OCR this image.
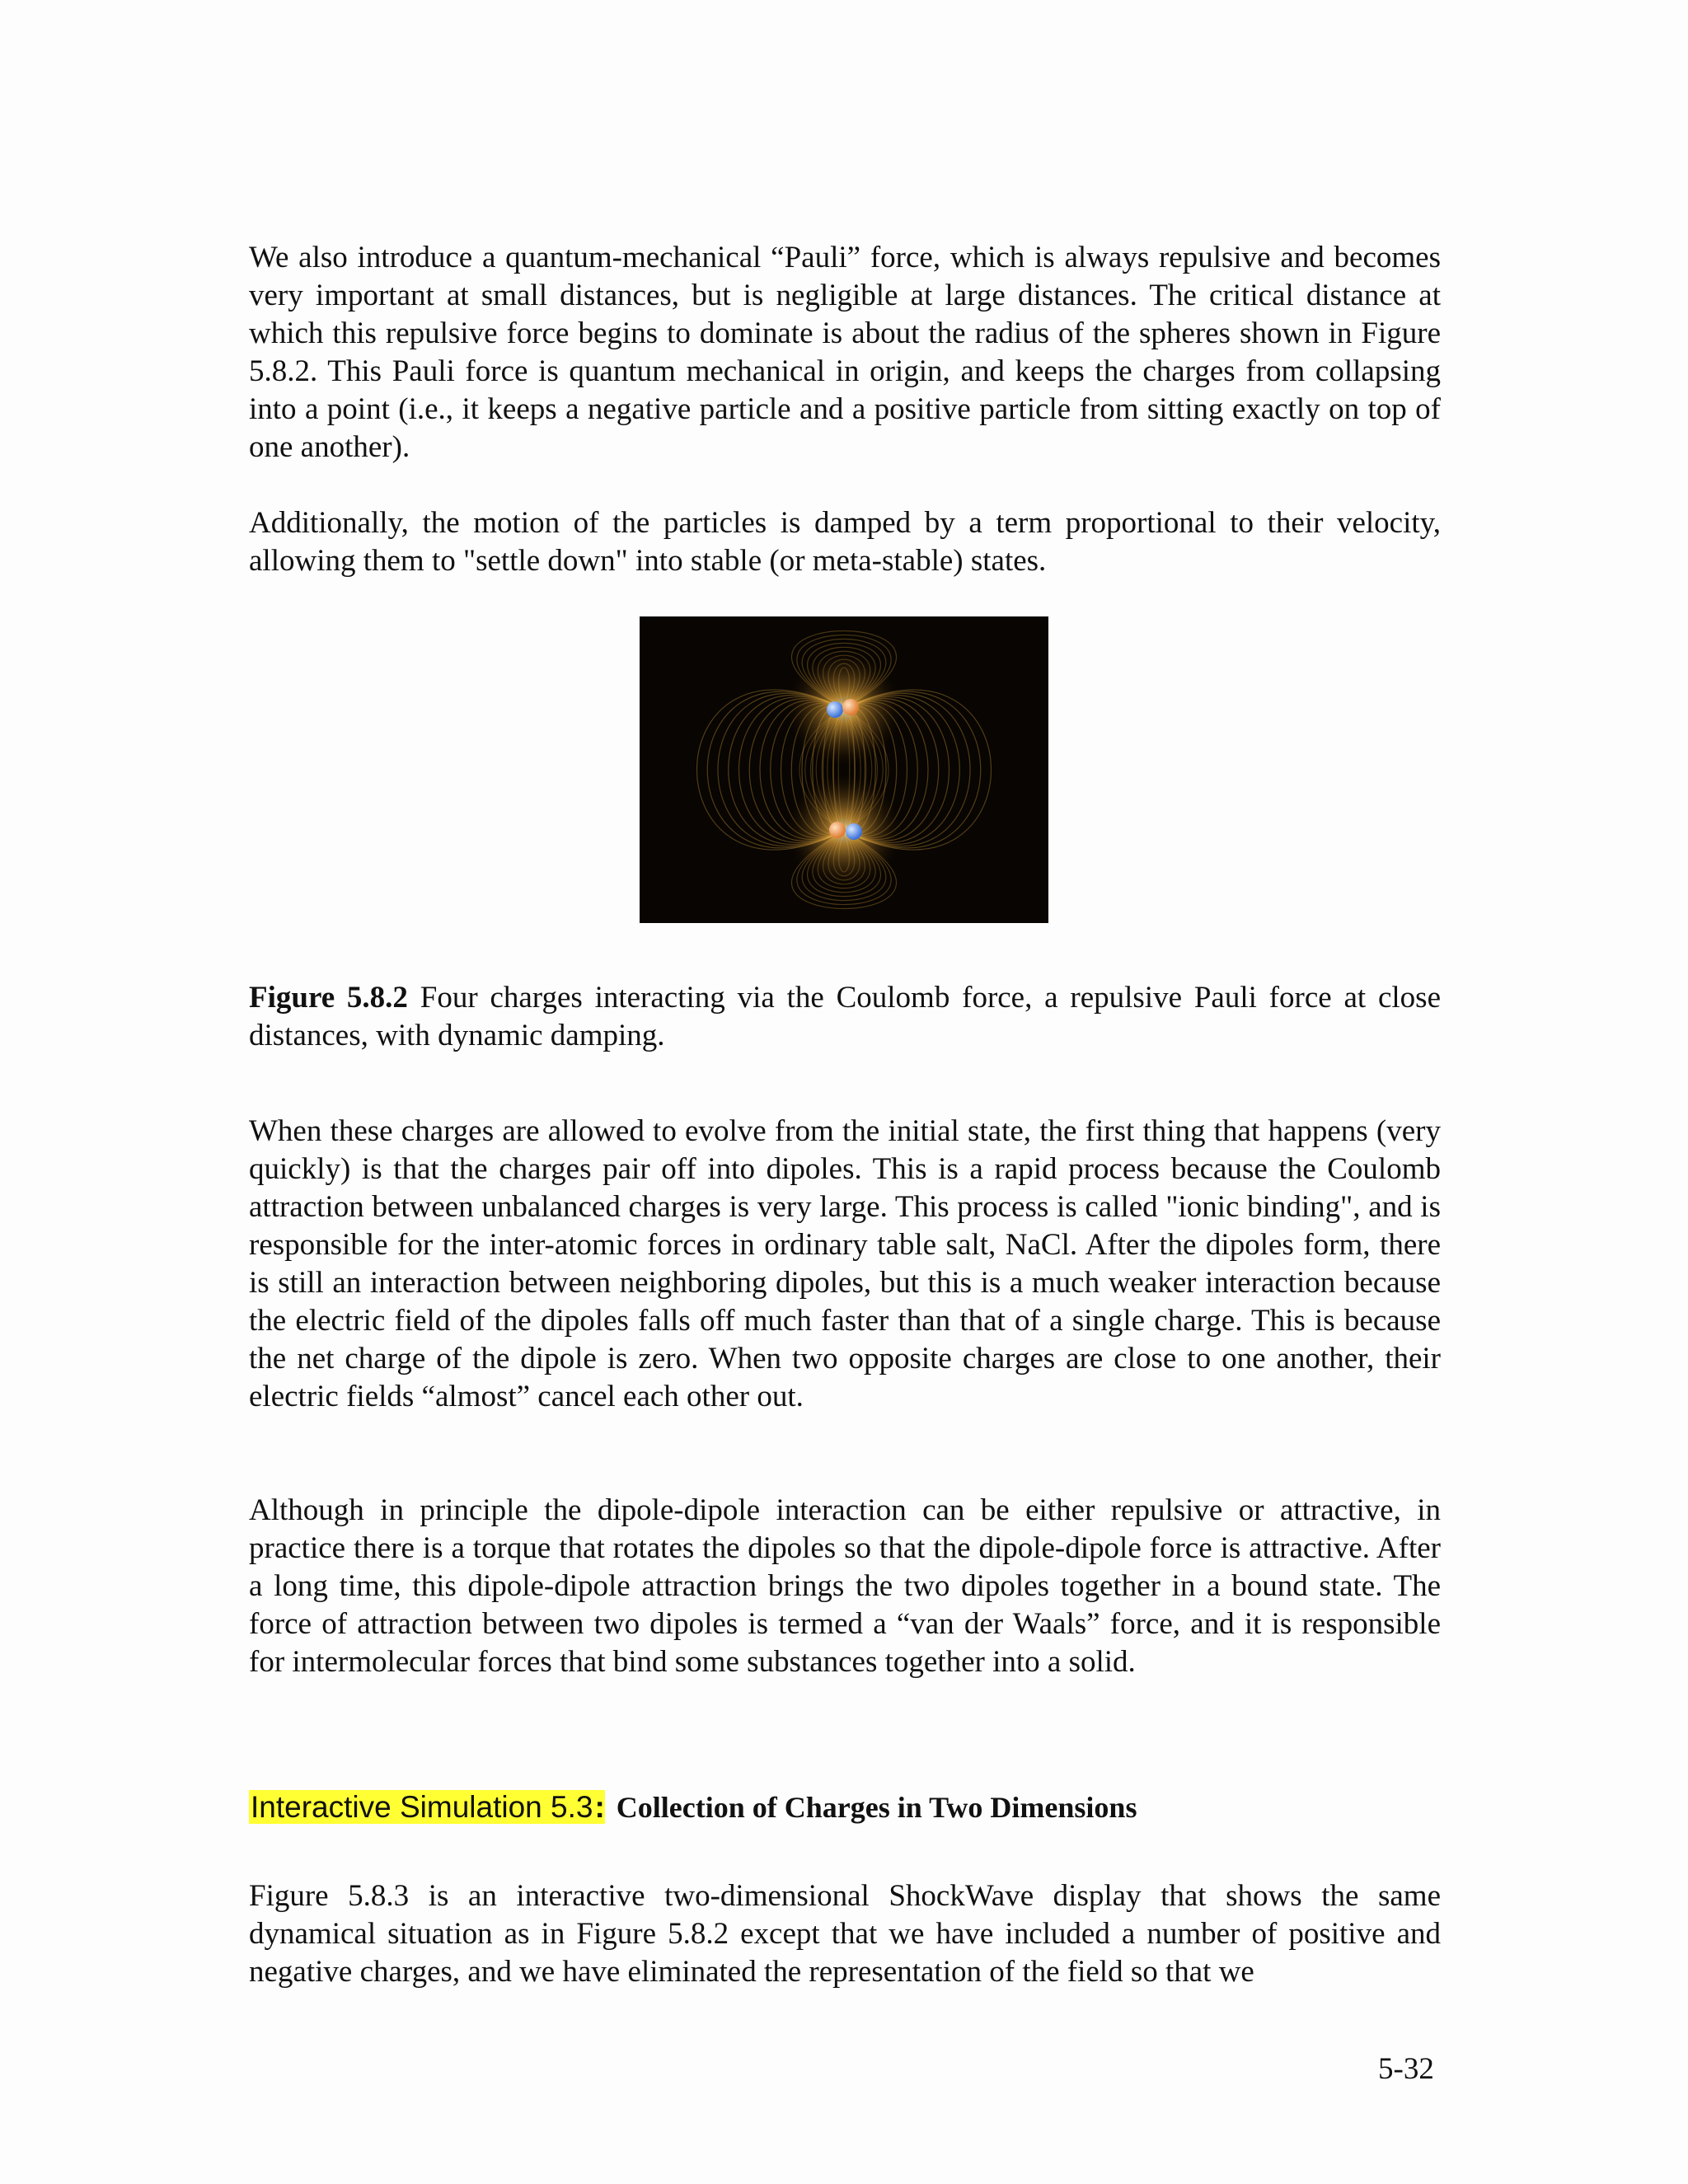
We also introduce a quantum-mechanical “Pauli” force, which is always repulsive and becomes very important at small distances, but is negligible at large distances. The critical distance at which this repulsive force begins to dominate is about the radius of the spheres shown in Figure 5.8.2. This Pauli force is quantum mechanical in origin, and keeps the charges from collapsing into a point (i.e., it keeps a negative particle and a positive particle from sitting exactly on top of one another).

Additionally, the motion of the particles is damped by a term proportional to their velocity, allowing them to "settle down" into stable (or meta-stable) states.

Figure 5.8.2 Four charges interacting via the Coulomb force, a repulsive Pauli force at close distances, with dynamic damping.

When these charges are allowed to evolve from the initial state, the first thing that happens (very quickly) is that the charges pair off into dipoles. This is a rapid process because the Coulomb attraction between unbalanced charges is very large. This process is called "ionic binding", and is responsible for the inter-atomic forces in ordinary table salt, NaCl. After the dipoles form, there is still an interaction between neighboring dipoles, but this is a much weaker interaction because the electric field of the dipoles falls off much faster than that of a single charge. This is because the net charge of the dipole is zero. When two opposite charges are close to one another, their electric fields “almost” cancel each other out.

Although in principle the dipole-dipole interaction can be either repulsive or attractive, in practice there is a torque that rotates the dipoles so that the dipole-dipole force is attractive. After a long time, this dipole-dipole attraction brings the two dipoles together in a bound state. The force of attraction between two dipoles is termed a “van der Waals” force, and it is responsible for intermolecular forces that bind some substances together into a solid.

Interactive Simulation 5.3: Collection of Charges in Two Dimensions

Figure 5.8.3 is an interactive two-dimensional ShockWave display that shows the same dynamical situation as in Figure 5.8.2 except that we have included a number of positive and negative charges, and we have eliminated the representation of the field so that we

5-32
